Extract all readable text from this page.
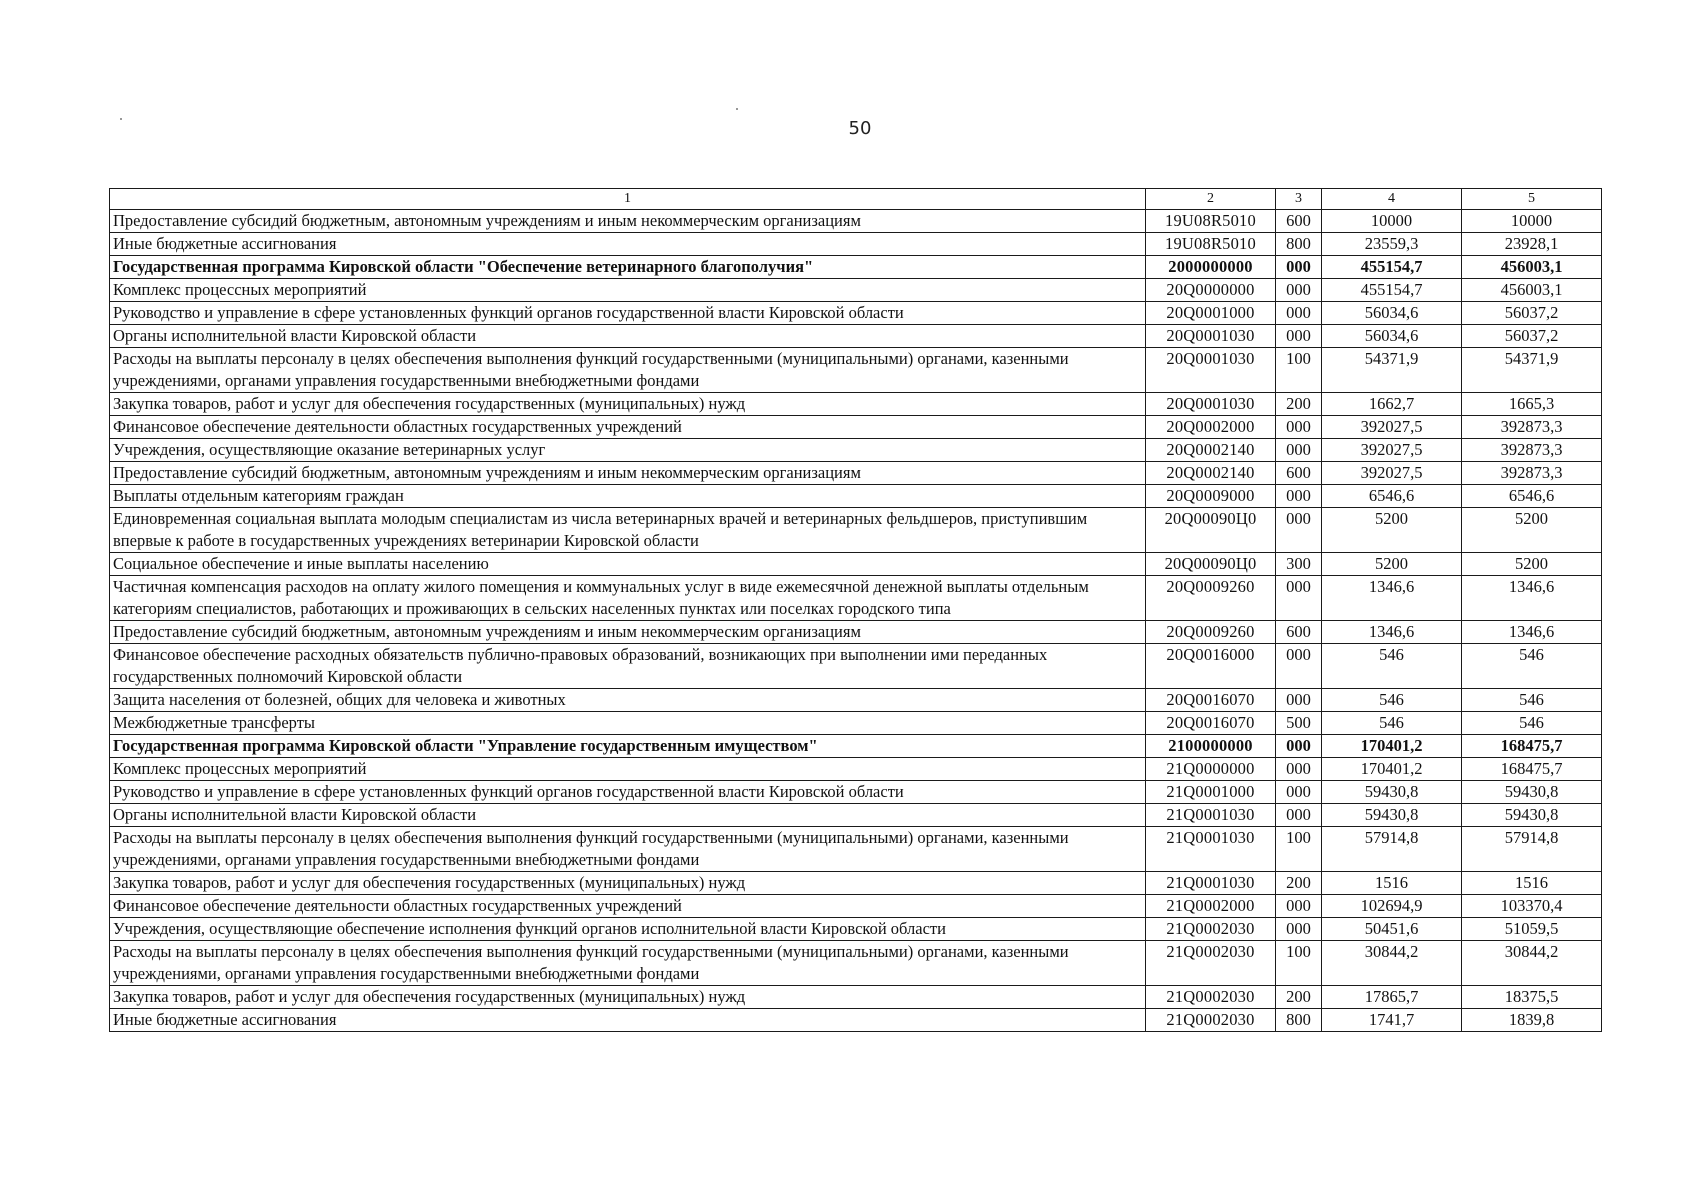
50
1	2	3	4	5
Предоставление субсидий бюджетным, автономным учреждениям и иным некоммерческим организациям	19U08R5010	600	10000	10000
Иные бюджетные ассигнования	19U08R5010	800	23559,3	23928,1
Государственная программа Кировской области "Обеспечение ветеринарного благополучия"	2000000000	000	455154,7	456003,1
Комплекс процессных мероприятий	20Q0000000	000	455154,7	456003,1
Руководство и управление в сфере установленных функций органов государственной власти Кировской области	20Q0001000	000	56034,6	56037,2
Органы исполнительной власти Кировской области	20Q0001030	000	56034,6	56037,2
Расходы на выплаты персоналу в целях обеспечения выполнения функций государственными (муниципальными) органами, казенными учреждениями, органами управления государственными внебюджетными фондами	20Q0001030	100	54371,9	54371,9
Закупка товаров, работ и услуг для обеспечения государственных (муниципальных) нужд	20Q0001030	200	1662,7	1665,3
Финансовое обеспечение деятельности областных государственных учреждений	20Q0002000	000	392027,5	392873,3
Учреждения, осуществляющие оказание ветеринарных услуг	20Q0002140	000	392027,5	392873,3
Предоставление субсидий бюджетным, автономным учреждениям и иным некоммерческим организациям	20Q0002140	600	392027,5	392873,3
Выплаты отдельным категориям граждан	20Q0009000	000	6546,6	6546,6
Единовременная социальная выплата молодым специалистам из числа ветеринарных врачей и ветеринарных фельдшеров, приступившим впервые к работе в государственных учреждениях ветеринарии Кировской области	20Q00090Ц0	000	5200	5200
Социальное обеспечение и иные выплаты населению	20Q00090Ц0	300	5200	5200
Частичная компенсация расходов на оплату жилого помещения и коммунальных услуг в виде ежемесячной денежной выплаты отдельным категориям специалистов, работающих и проживающих в сельских населенных пунктах или поселках городского типа	20Q0009260	000	1346,6	1346,6
Предоставление субсидий бюджетным, автономным учреждениям и иным некоммерческим организациям	20Q0009260	600	1346,6	1346,6
Финансовое обеспечение расходных обязательств публично-правовых образований, возникающих при выполнении ими переданных государственных полномочий Кировской области	20Q0016000	000	546	546
Защита населения от болезней, общих для человека и животных	20Q0016070	000	546	546
Межбюджетные трансферты	20Q0016070	500	546	546
Государственная программа Кировской области "Управление государственным имуществом"	2100000000	000	170401,2	168475,7
Комплекс процессных мероприятий	21Q0000000	000	170401,2	168475,7
Руководство и управление в сфере установленных функций органов государственной власти Кировской области	21Q0001000	000	59430,8	59430,8
Органы исполнительной власти Кировской области	21Q0001030	000	59430,8	59430,8
Расходы на выплаты персоналу в целях обеспечения выполнения функций государственными (муниципальными) органами, казенными учреждениями, органами управления государственными внебюджетными фондами	21Q0001030	100	57914,8	57914,8
Закупка товаров, работ и услуг для обеспечения государственных (муниципальных) нужд	21Q0001030	200	1516	1516
Финансовое обеспечение деятельности областных государственных учреждений	21Q0002000	000	102694,9	103370,4
Учреждения, осуществляющие обеспечение исполнения функций органов исполнительной власти Кировской области	21Q0002030	000	50451,6	51059,5
Расходы на выплаты персоналу в целях обеспечения выполнения функций государственными (муниципальными) органами, казенными учреждениями, органами управления государственными внебюджетными фондами	21Q0002030	100	30844,2	30844,2
Закупка товаров, работ и услуг для обеспечения государственных (муниципальных) нужд	21Q0002030	200	17865,7	18375,5
Иные бюджетные ассигнования	21Q0002030	800	1741,7	1839,8
